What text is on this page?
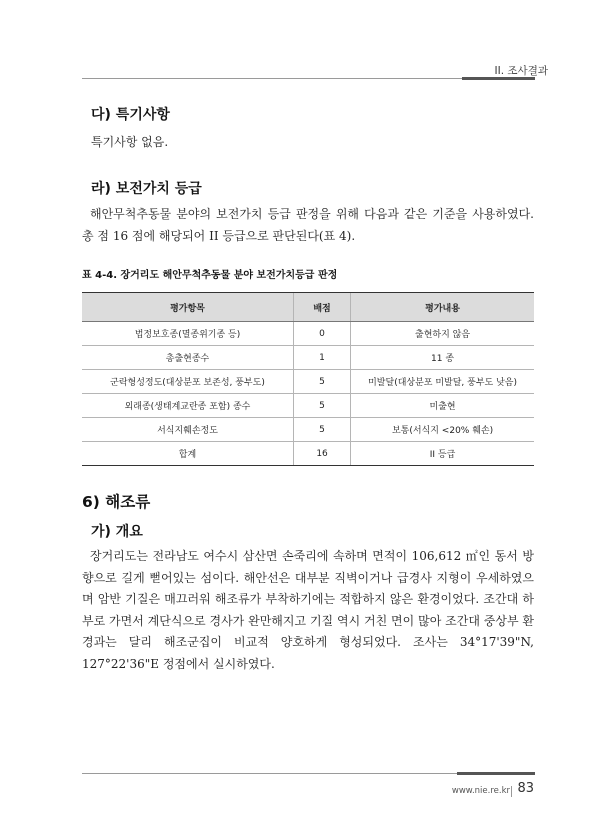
II. 조사결과
다) 특기사항

특기사항 없음.

라) 보전가치 등급

해안무척추동물 분야의 보전가치 등급 판정을 위해 다음과 같은 기준을 사용하였다. 총 점 16 점에 해당되어 II 등급으로 판단된다(표 4).

표 4-4. 장거리도 해안무척추동물 분야 보전가치등급 판정
평가항목	배점	평가내용
법정보호종(멸종위기종 등)	0	출현하지 않음
총출현종수	1	11 종
군락형성정도(대상분포 보존성, 풍부도)	5	미발달(대상분포 미발달, 풍부도 낮음)
외래종(생태계교란종 포함) 종수	5	미출현
서식지훼손정도	5	보통(서식지 <20% 훼손)
합계	16	II 등급
6) 해조류
가) 개요

장거리도는 전라남도 여수시 삼산면 손죽리에 속하며 면적이 106,612 ㎡인 동서 방향으로 길게 뻗어있는 섬이다. 해안선은 대부분 직벽이거나 급경사 지형이 우세하였으며 암반 기질은 매끄러워 해조류가 부착하기에는 적합하지 않은 환경이었다. 조간대 하부로 가면서 계단식으로 경사가 완만해지고 기질 역시 거친 면이 많아 조간대 중상부 환경과는 달리 해조군집이 비교적 양호하게 형성되었다. 조사는 34°17'39"N, 127°22'36"E 정점에서 실시하였다.

www.nie.re.kr 83
